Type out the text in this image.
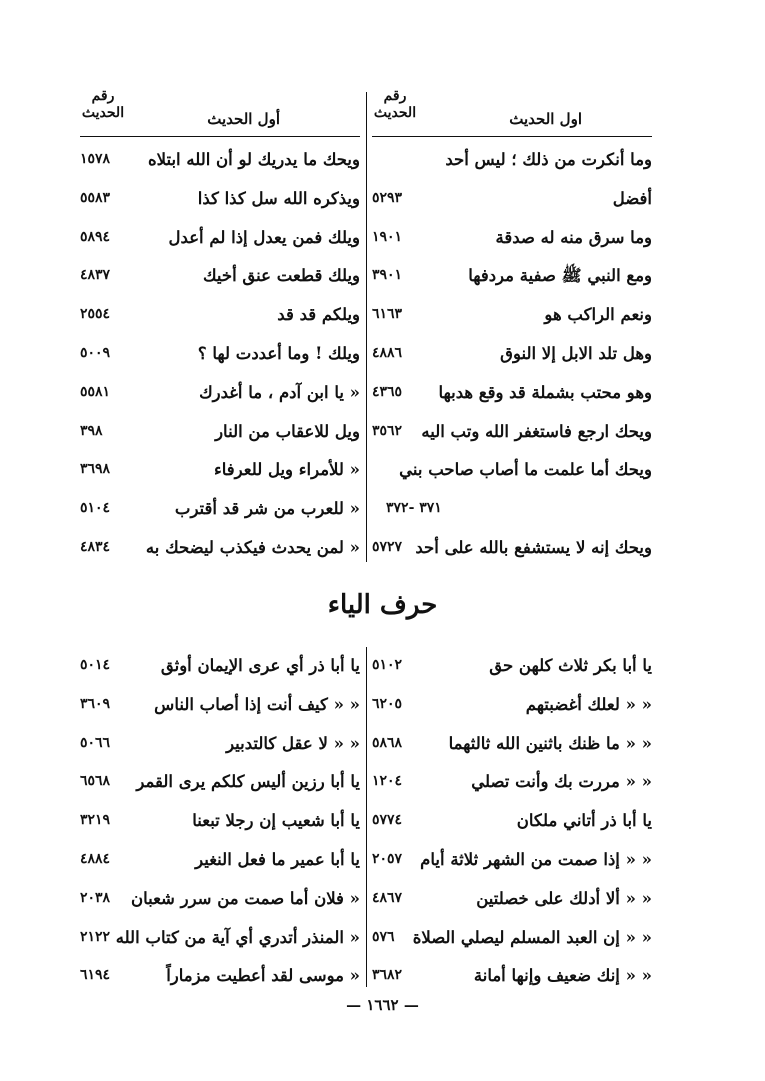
رقم الحديث	اول الحديث
وما أنكرت من ذلك ؛ ليس أحد
أفضل
٥٢٩٣
وما سرق منه له صدقة
١٩٠١
ومع النبي ﷺ صفية مردفها
٣٩٠١
ونعم الراكب هو
٦١٦٣
وهل تلد الابل إلا النوق
٤٨٨٦
وهو محتب بشملة قد وقع هدبها
٤٣٦٥
ويحك ارجع فاستغفر الله وتب اليه
٣٥٦٢
ويحك أما علمت ما أصاب صاحب بني
٣٧١ -٣٧٢
ويحك إنه لا يستشفع بالله على أحد
٥٧٢٧
رقم الحديث	أول الحديث
ويحك ما يدريك لو أن الله ابتلاه
١٥٧٨
ويذكره الله سل كذا كذا
٥٥٨٣
ويلك فمن يعدل إذا لم أعدل
٥٨٩٤
ويلك قطعت عنق أخيك
٤٨٣٧
ويلكم قد قد
٢٥٥٤
ويلك ! وما أعددت لها ؟
٥٠٠٩
« يا ابن آدم ، ما أغدرك
٥٥٨١
ويل للاعقاب من النار
٣٩٨
« للأمراء ويل للعرفاء
٣٦٩٨
« للعرب من شر قد أقترب
٥١٠٤
« لمن يحدث فيكذب ليضحك به
٤٨٣٤
حرف الياء
يا أبا بكر ثلاث كلهن حق
٥١٠٢
« « لعلك أغضبتهم
٦٢٠٥
« « ما ظنك باثنين الله ثالثهما
٥٨٦٨
« « مررت بك وأنت تصلي
١٢٠٤
يا أبا ذر أتاني ملكان
٥٧٧٤
« « إذا صمت من الشهر ثلاثة أيام
٢٠٥٧
« « ألا أدلك على خصلتين
٤٨٦٧
« « إن العبد المسلم ليصلي الصلاة
٥٧٦
« « إنك ضعيف وإنها أمانة
٣٦٨٢
يا أبا ذر أي عرى الإيمان أوثق
٥٠١٤
« « كيف أنت إذا أصاب الناس
٣٦٠٩
« « لا عقل كالتدبير
٥٠٦٦
يا أبا رزين أليس كلكم يرى القمر
٦٥٦٨
يا أبا شعيب إن رجلا تبعنا
٣٢١٩
يا أبا عمير ما فعل النغير
٤٨٨٤
« فلان أما صمت من سرر شعبان
٢٠٣٨
« المنذر أتدري أي آية من كتاب الله
٢١٢٢
« موسى لقد أعطيت مزماراً
٦١٩٤
— ١٦٦٢ —
